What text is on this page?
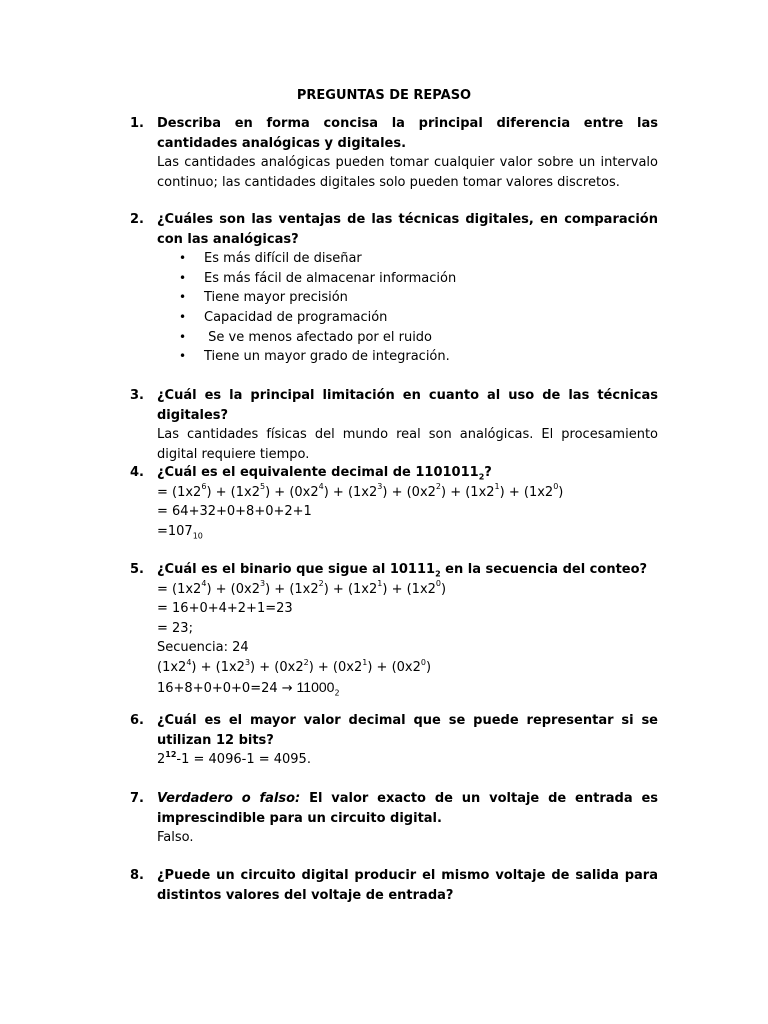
PREGUNTAS DE REPASO
1.	Describa en forma concisa la principal diferencia entre las cantidades analógicas y digitales.
Las cantidades analógicas pueden tomar cualquier valor sobre un intervalo continuo; las cantidades digitales solo pueden tomar valores discretos.
2.	¿Cuáles son las ventajas de las técnicas digitales, en comparación con las analógicas?
• Es más difícil de diseñar
• Es más fácil de almacenar información
• Tiene mayor precisión
• Capacidad de programación
• Se ve menos afectado por el ruido
• Tiene un mayor grado de integración.
3.	¿Cuál es la principal limitación en cuanto al uso de las técnicas digitales?
Las cantidades físicas del mundo real son analógicas. El procesamiento digital requiere tiempo.
4.	¿Cuál es el equivalente decimal de $1101011_2$?
= $(1x2^6) + (1x2^5) + (0x2^4) + (1x2^3) + (0x2^2) + (1x2^1) + (1x2^0)$
= 64+32+0+8+0+2+1
$=107_{10}$
5.	¿Cuál es el binario que sigue al $10111_2$ en la secuencia del conteo?
= $(1x2^4) + (0x2^3) + (1x2^2) + (1x2^1) + (1x2^0)$
= 16+0+4+2+1=23
= 23;
Secuencia: 24
$(1x2^4) + (1x2^3) + (0x2^2) + (0x2^1) + (0x2^0)$
$16+8+0+0+0=24 \to 11000_2$
6.	¿Cuál es el mayor valor decimal que se puede representar si se utilizan 12 bits?
$2^{12}-1 = 4096-1 = 4095$.
7.	Verdadero o falso: El valor exacto de un voltaje de entrada es imprescindible para un circuito digital.
Falso.
8.	¿Puede un circuito digital producir el mismo voltaje de salida para distintos valores del voltaje de entrada?
